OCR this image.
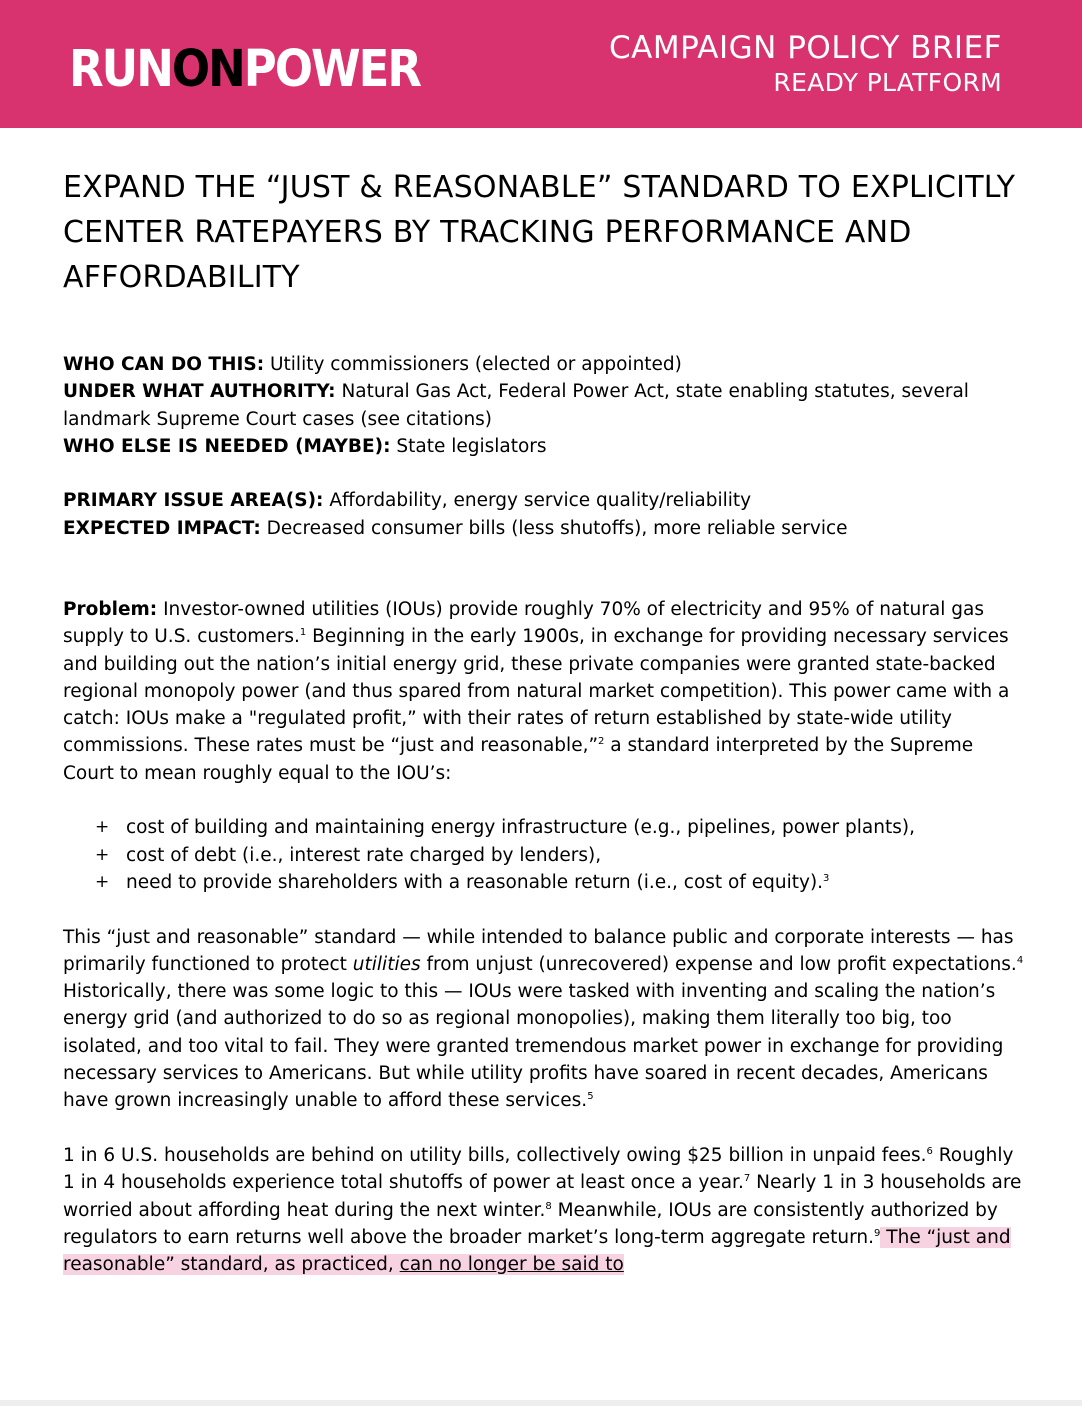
RUNONPOWER	CAMPAIGN POLICY BRIEF
READY PLATFORM
EXPAND THE “JUST & REASONABLE” STANDARD TO EXPLICITLY CENTER RATEPAYERS BY TRACKING PERFORMANCE AND AFFORDABILITY

WHO CAN DO THIS: Utility commissioners (elected or appointed)

UNDER WHAT AUTHORITY: Natural Gas Act, Federal Power Act, state enabling statutes, several landmark Supreme Court cases (see citations)

WHO ELSE IS NEEDED (MAYBE): State legislators

PRIMARY ISSUE AREA(S): Affordability, energy service quality/reliability

EXPECTED IMPACT: Decreased consumer bills (less shutoffs), more reliable service

Problem: Investor-owned utilities (IOUs) provide roughly 70% of electricity and 95% of natural gas supply to U.S. customers.$^1$ Beginning in the early 1900s, in exchange for providing necessary services and building out the nation’s initial energy grid, these private companies were granted state-backed regional monopoly power (and thus spared from natural market competition). This power came with a catch: IOUs make a "regulated profit,” with their rates of return established by state-wide utility commissions. These rates must be “just and reasonable,”$^2$ a standard interpreted by the Supreme Court to mean roughly equal to the IOU’s:

+ cost of building and maintaining energy infrastructure (e.g., pipelines, power plants),
+ cost of debt (i.e., interest rate charged by lenders),
+ need to provide shareholders with a reasonable return (i.e., cost of equity).$^3$

This “just and reasonable” standard — while intended to balance public and corporate interests — has primarily functioned to protect utilities from unjust (unrecovered) expense and low profit expectations.$^4$ Historically, there was some logic to this — IOUs were tasked with inventing and scaling the nation’s energy grid (and authorized to do so as regional monopolies), making them literally too big, too isolated, and too vital to fail. They were granted tremendous market power in exchange for providing necessary services to Americans. But while utility profits have soared in recent decades, Americans have grown increasingly unable to afford these services.$^5$

1 in 6 U.S. households are behind on utility bills, collectively owing $25 billion in unpaid fees.$^6$ Roughly 1 in 4 households experience total shutoffs of power at least once a year.$^7$ Nearly 1 in 3 households are worried about affording heat during the next winter.$^8$ Meanwhile, IOUs are consistently authorized by regulators to earn returns well above the broader market’s long-term aggregate return.$^9$ The “just and reasonable” standard, as practiced, can no longer be said to
